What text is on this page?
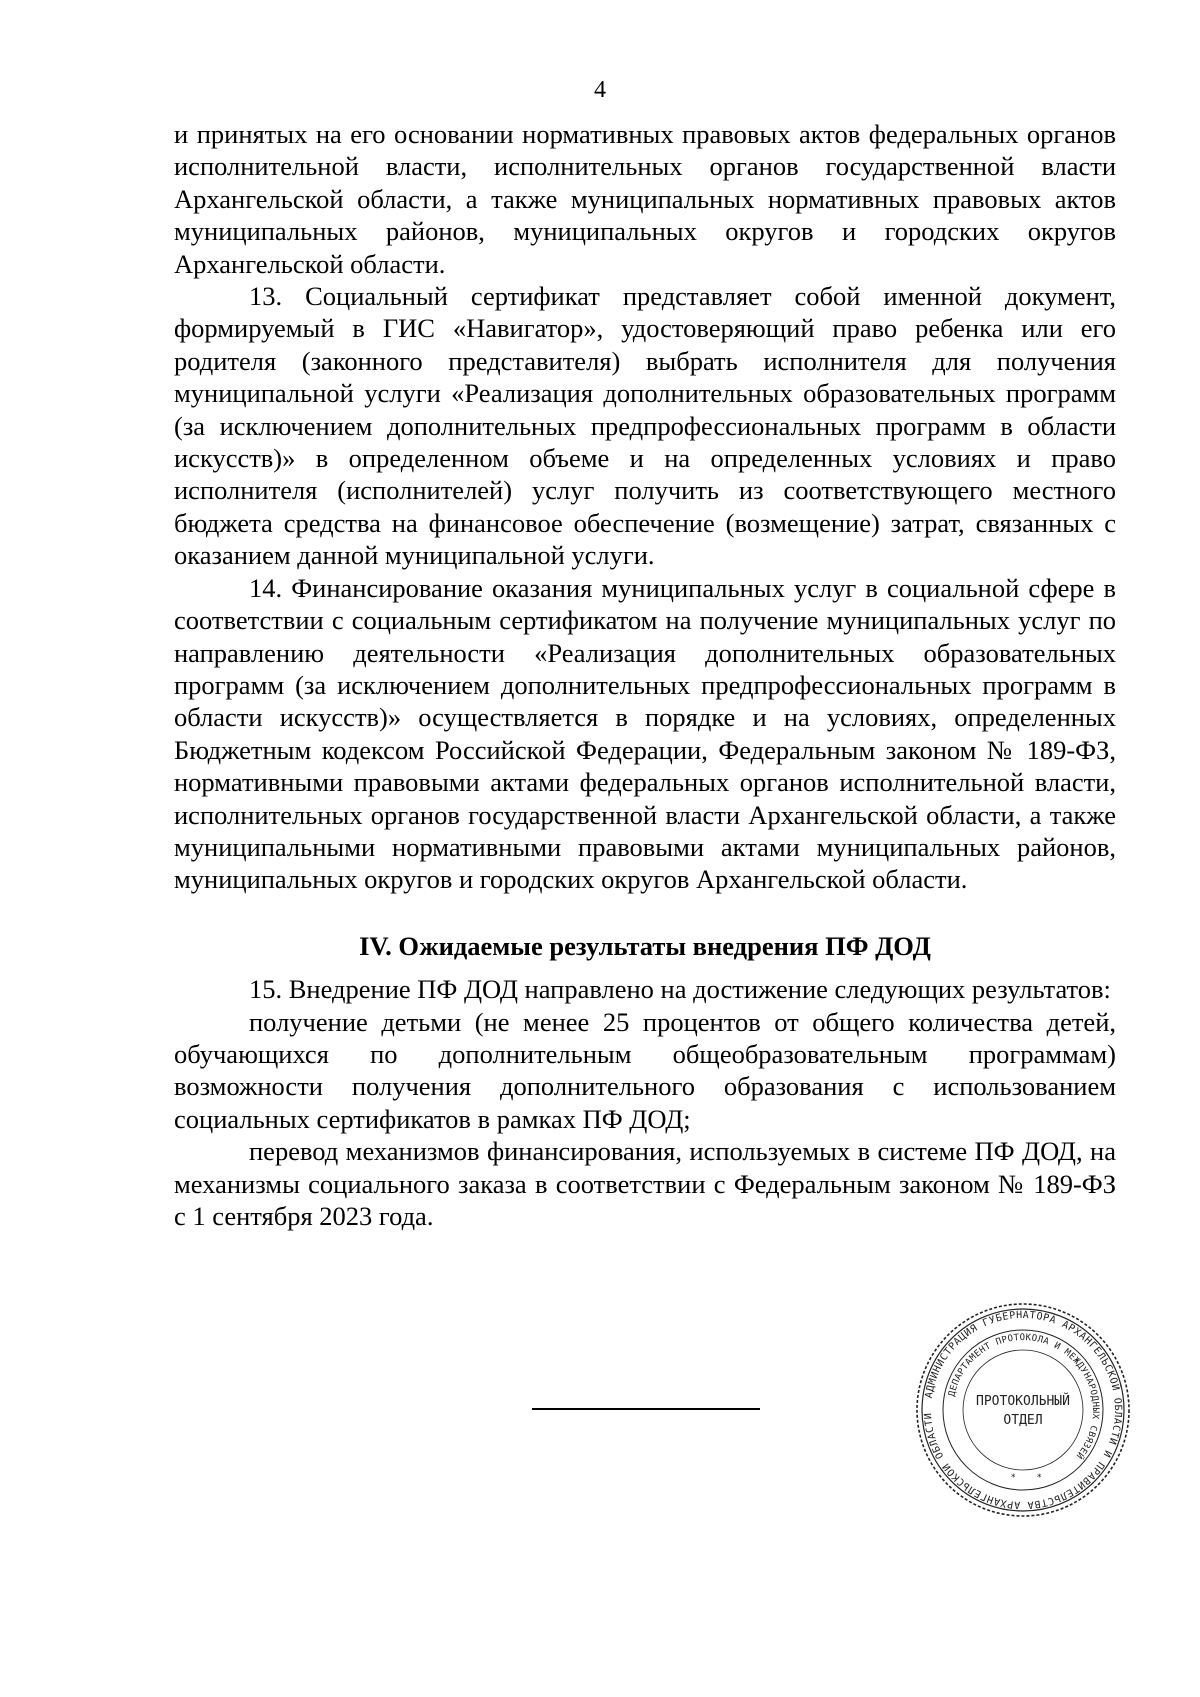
4

и принятых на его основании нормативных правовых актов федеральных органов исполнительной власти, исполнительных органов государственной власти Архангельской области, а также муниципальных нормативных правовых актов муниципальных районов, муниципальных округов и городских округов Архангельской области.

13. Социальный сертификат представляет собой именной документ, формируемый в ГИС «Навигатор», удостоверяющий право ребенка или его родителя (законного представителя) выбрать исполнителя для получения муниципальной услуги «Реализация дополнительных образовательных программ (за исключением дополнительных предпрофессиональных программ в области искусств)» в определенном объеме и на определенных условиях и право исполнителя (исполнителей) услуг получить из соответствующего местного бюджета средства на финансовое обеспечение (возмещение) затрат, связанных с оказанием данной муниципальной услуги.

14. Финансирование оказания муниципальных услуг в социальной сфере в соответствии с социальным сертификатом на получение муниципальных услуг по направлению деятельности «Реализация дополнительных образовательных программ (за исключением дополнительных предпрофессиональных программ в области искусств)» осуществляется в порядке и на условиях, определенных Бюджетным кодексом Российской Федерации, Федеральным законом № 189-ФЗ, нормативными правовыми актами федеральных органов исполнительной власти, исполнительных органов государственной власти Архангельской области, а также муниципальными нормативными правовыми актами муниципальных районов, муниципальных округов и городских округов Архангельской области.

IV. Ожидаемые результаты внедрения ПФ ДОД

15. Внедрение ПФ ДОД направлено на достижение следующих результатов:

получение детьми (не менее 25 процентов от общего количества детей, обучающихся по дополнительным общеобразовательным программам) возможности получения дополнительного образования с использованием социальных сертификатов в рамках ПФ ДОД;

перевод механизмов финансирования, используемых в системе ПФ ДОД, на механизмы социального заказа в соответствии с Федеральным законом № 189-ФЗ с 1 сентября 2023 года.

АДМИНИСТРАЦИЯ ГУБЕРНАТОРА АРХАНГЕЛЬСКОЙ ОБЛАСТИ И ПРАВИТЕЛЬСТВА АРХАНГЕЛЬСКОЙ ОБЛАСТИ
ДЕПАРТАМЕНТ ПРОТОКОЛА И МЕЖДУНАРОДНЫХ СВЯЗЕЙ
ПРОТОКОЛЬНЫЙ
ОТДЕЛ
* *
